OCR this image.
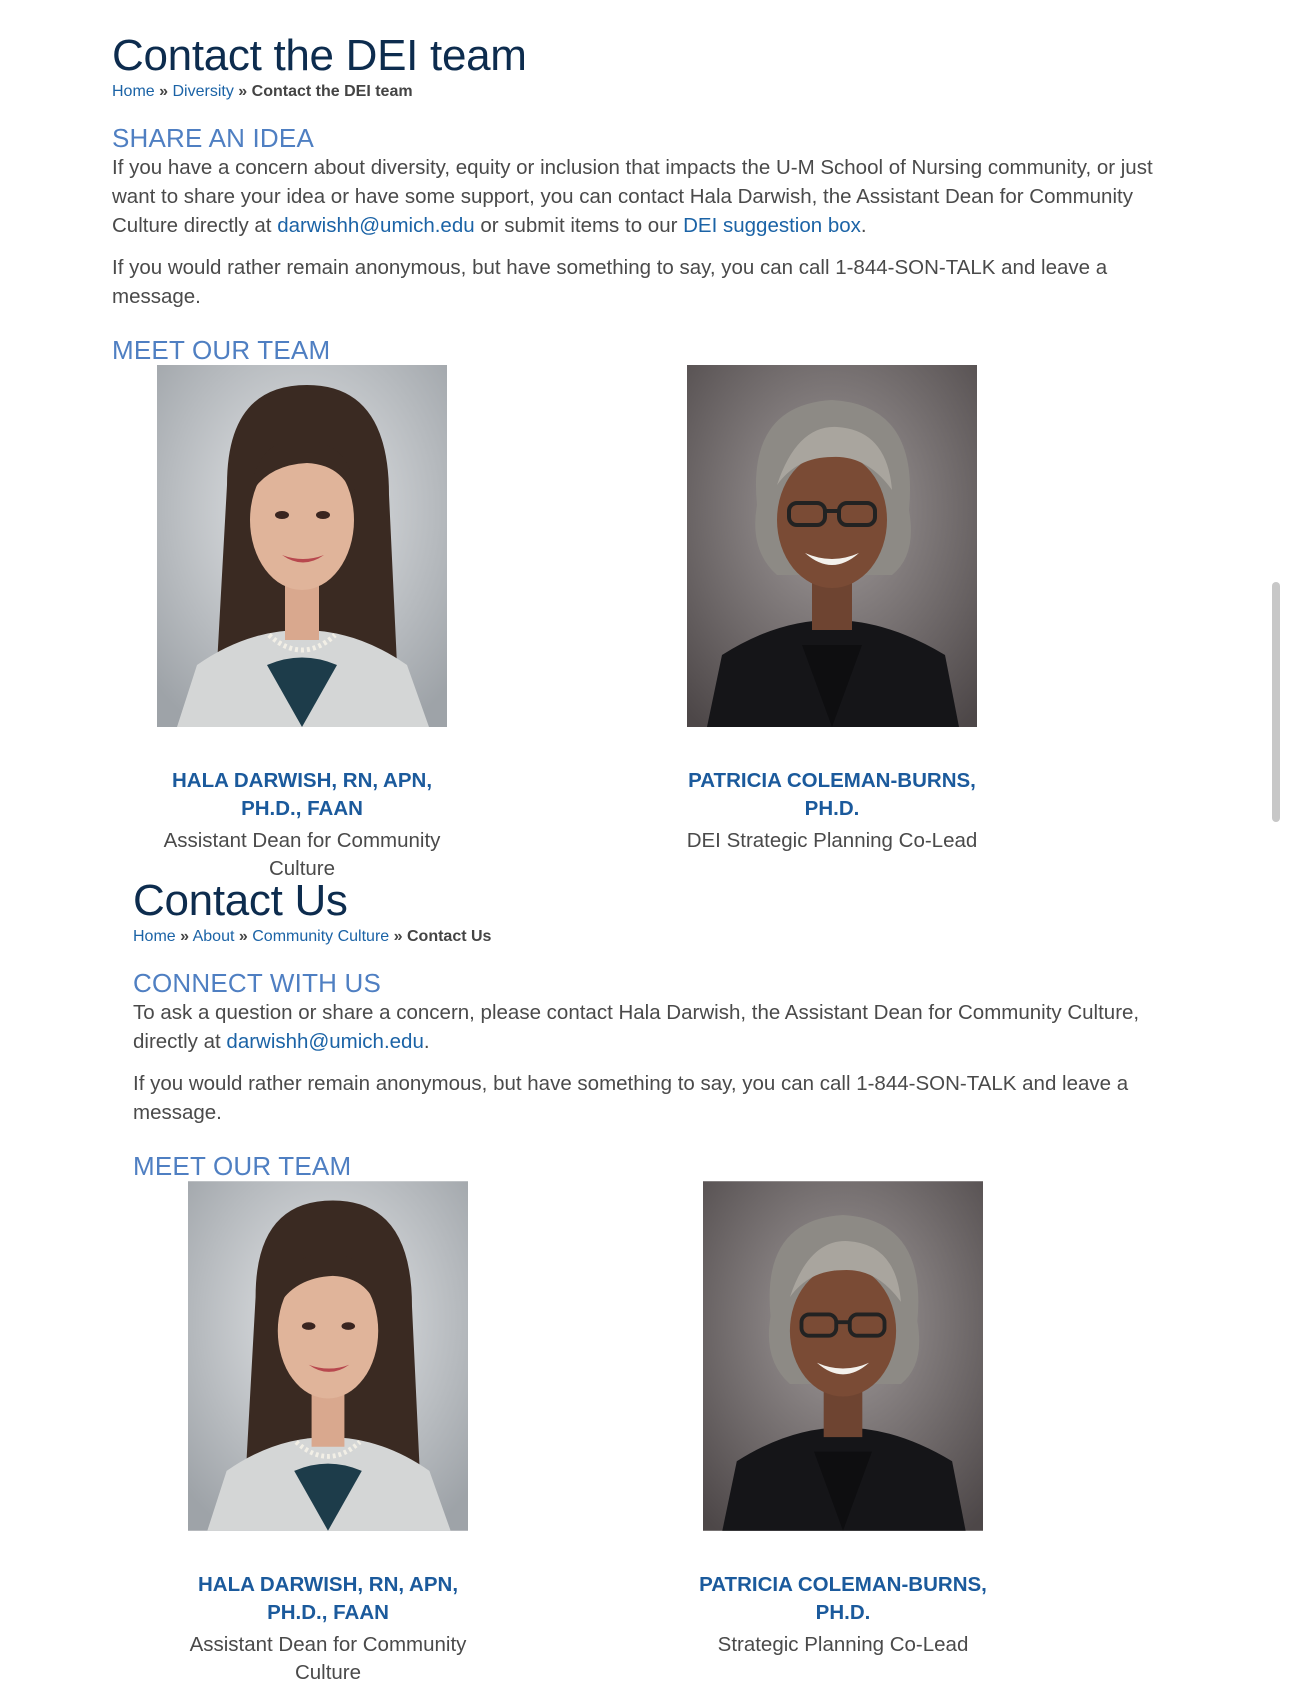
Contact the DEI team
Home » Diversity » Contact the DEI team
SHARE AN IDEA

If you have a concern about diversity, equity or inclusion that impacts the U-M School of Nursing community, or just want to share your idea or have some support, you can contact Hala Darwish, the Assistant Dean for Community Culture directly at darwishh@umich.edu or submit items to our DEI suggestion box.

If you would rather remain anonymous, but have something to say, you can call 1-844-SON-TALK and leave a message.

MEET OUR TEAM
HALA DARWISH, RN, APN, PH.D., FAAN
Assistant Dean for Community Culture
PATRICIA COLEMAN-BURNS, PH.D.
DEI Strategic Planning Co-Lead
Contact Us
Home » About » Community Culture » Contact Us
CONNECT WITH US

To ask a question or share a concern, please contact Hala Darwish, the Assistant Dean for Community Culture, directly at darwishh@umich.edu.

If you would rather remain anonymous, but have something to say, you can call 1-844-SON-TALK and leave a message.

MEET OUR TEAM
HALA DARWISH, RN, APN, PH.D., FAAN
Assistant Dean for Community Culture
PATRICIA COLEMAN-BURNS, PH.D.
Strategic Planning Co-Lead
